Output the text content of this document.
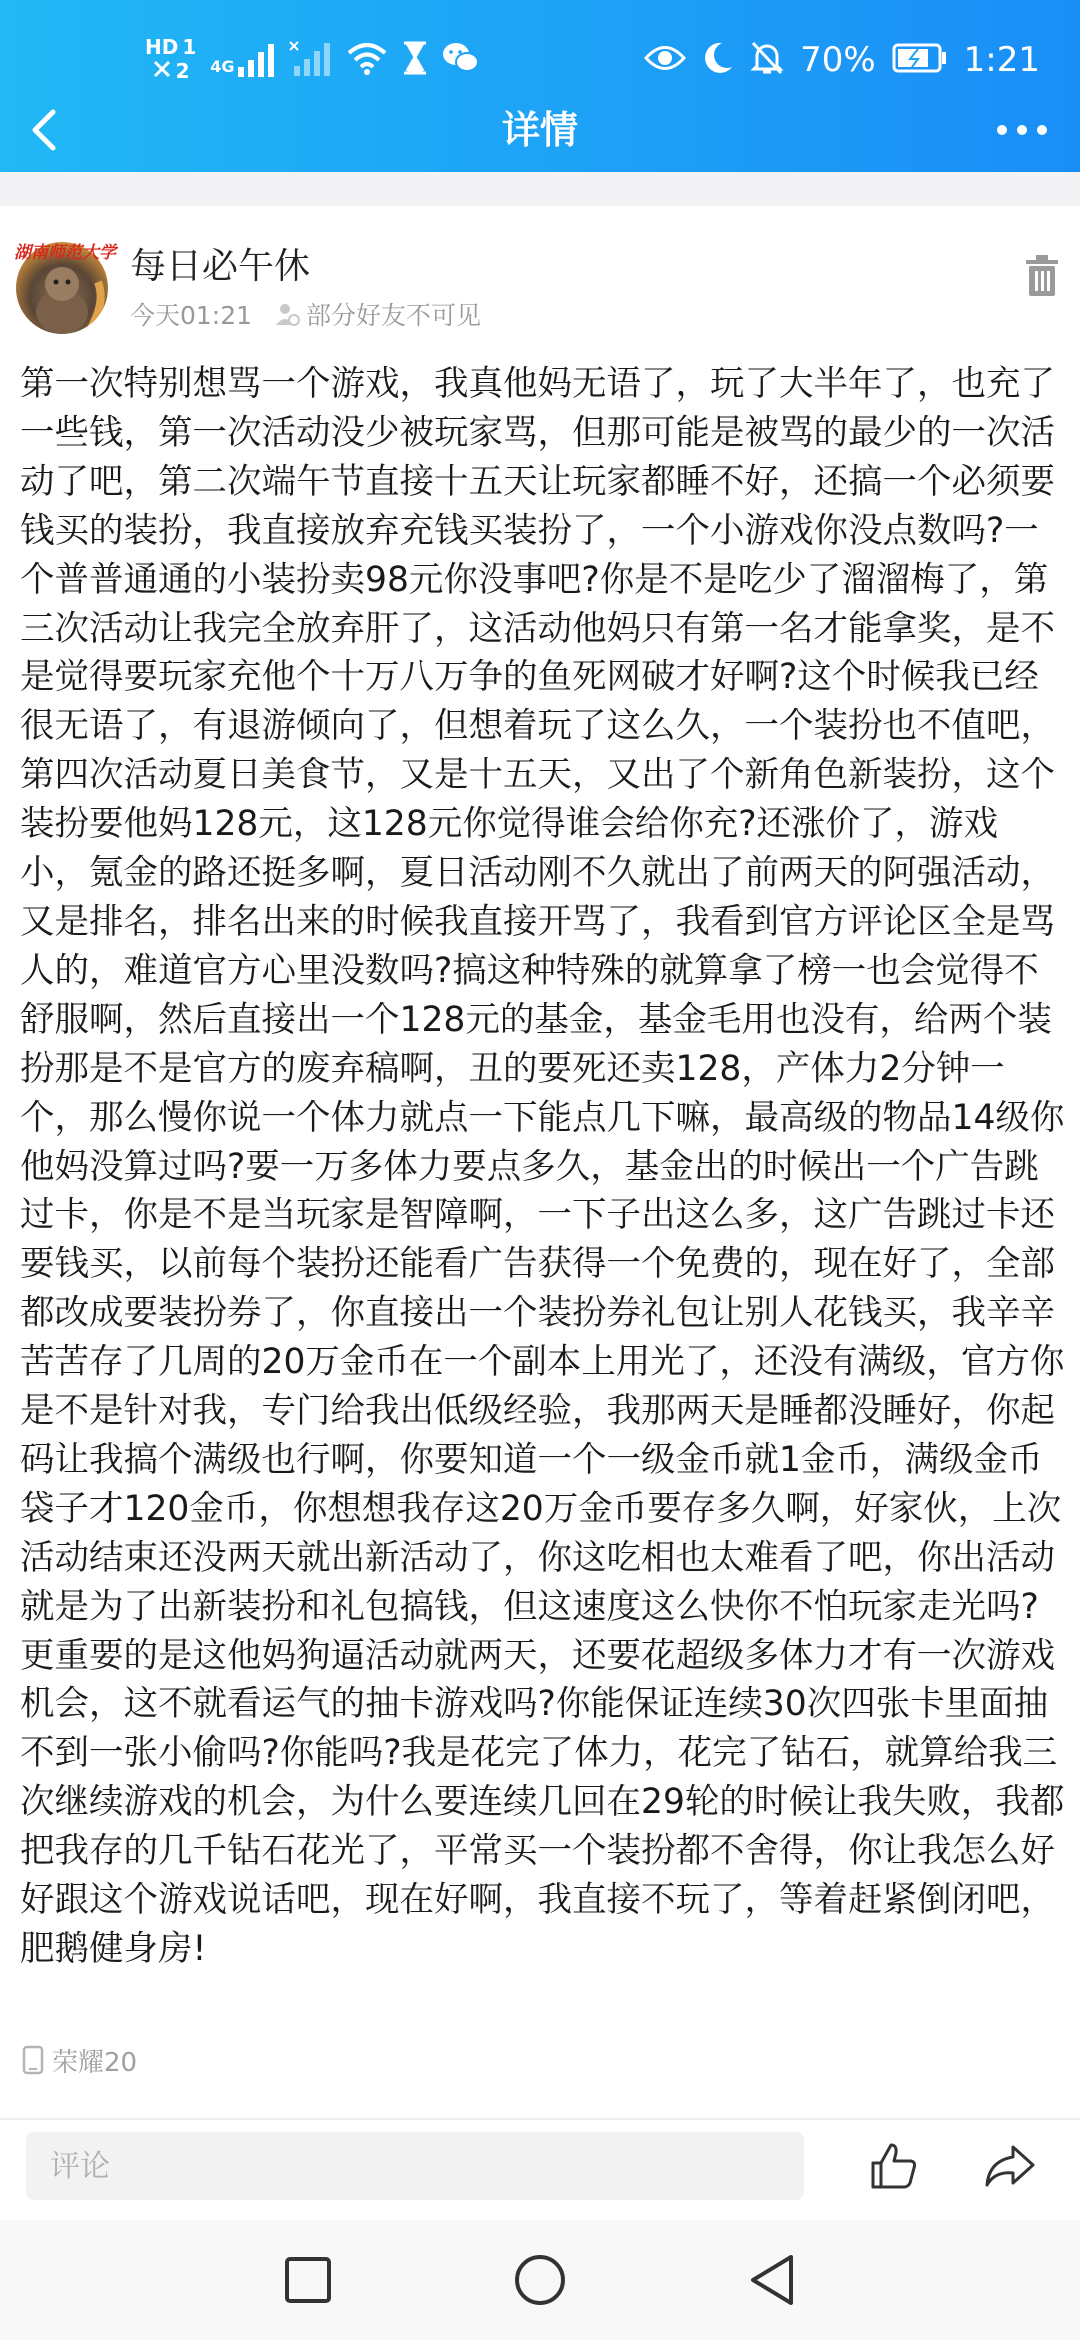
HD 1
2 4G	70%	1:21
详情
湖南师范大学 每日必午休
今天01:21 部分好友不可见

第一次特别想骂一个游戏，我真他妈无语了，玩了大半年了，也充了一些钱，第一次活动没少被玩家骂，但那可能是被骂的最少的一次活动了吧，第二次端午节直接十五天让玩家都睡不好，还搞一个必须要钱买的装扮，我直接放弃充钱买装扮了，一个小游戏你没点数吗?一个普普通通的小装扮卖98元你没事吧?你是不是吃少了溜溜梅了，第三次活动让我完全放弃肝了，这活动他妈只有第一名才能拿奖，是不是觉得要玩家充他个十万八万争的鱼死网破才好啊?这个时候我已经很无语了，有退游倾向了，但想着玩了这么久，一个装扮也不值吧，第四次活动夏日美食节，又是十五天，又出了个新角色新装扮，这个装扮要他妈128元，这128元你觉得谁会给你充?还涨价了，游戏小，氪金的路还挺多啊，夏日活动刚不久就出了前两天的阿强活动，又是排名，排名出来的时候我直接开骂了，我看到官方评论区全是骂人的，难道官方心里没数吗?搞这种特殊的就算拿了榜一也会觉得不舒服啊，然后直接出一个128元的基金，基金毛用也没有，给两个装扮那是不是官方的废弃稿啊，丑的要死还卖128，产体力2分钟一个，那么慢你说一个体力就点一下能点几下嘛，最高级的物品14级你他妈没算过吗?要一万多体力要点多久，基金出的时候出一个广告跳过卡，你是不是当玩家是智障啊，一下子出这么多，这广告跳过卡还要钱买，以前每个装扮还能看广告获得一个免费的，现在好了，全部都改成要装扮券了，你直接出一个装扮券礼包让别人花钱买，我辛辛苦苦存了几周的20万金币在一个副本上用光了，还没有满级，官方你是不是针对我，专门给我出低级经验，我那两天是睡都没睡好，你起码让我搞个满级也行啊，你要知道一个一级金币就1金币，满级金币袋子才120金币，你想想我存这20万金币要存多久啊，好家伙，上次活动结束还没两天就出新活动了，你这吃相也太难看了吧，你出活动就是为了出新装扮和礼包搞钱，但这速度这么快你不怕玩家走光吗?更重要的是这他妈狗逼活动就两天，还要花超级多体力才有一次游戏机会，这不就看运气的抽卡游戏吗?你能保证连续30次四张卡里面抽不到一张小偷吗?你能吗?我是花完了体力，花完了钻石，就算给我三次继续游戏的机会，为什么要连续几回在29轮的时候让我失败，我都把我存的几千钻石花光了，平常买一个装扮都不舍得，你让我怎么好好跟这个游戏说话吧，现在好啊，我直接不玩了，等着赶紧倒闭吧，肥鹅健身房!

荣耀20
评论
